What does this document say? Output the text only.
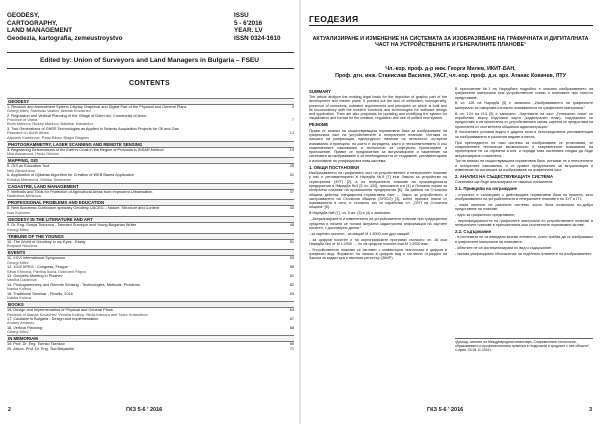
GEODESY,	ISSU
CARTOGRAPHY,	5 - 6'2016
LAND MANAGEMENT	YEAR. LV
Geodezia, kartografia, zemeustroystvo	ISSN 0324-1610
Edited by: Union of Surveyors and Land Managers in Bulgaria – FSEU
CONTENTS
GEODESY
1. Revision and Amendment System Display Graphical and Digital Part of the Physical and General Plans	3
Georgi Milev, Stanislav Vasilev, Atanas Kovachev
2. Regulation and Vertical Planning of the Village of Dobri dol, Community of Aven,
Province of Varna	7
Boris Marinov, Nickey Marinov, Bakhtiar Mazaedov
3. Two Generations of GNSS Technologies as Applied in Seismic Acquisition Projects for Oil and Gas
Research in North Africa	13
Asparuh Kamburov, Petar Bibev, Blagoi Blagoev
PHOTOGRAMMETRY, LASER SCANNING AND REMOTE SENSING
4. Registering Deformations of the Earth's Crust in the Region of Provadia in INSAR Method	19
Mila Atanasova, Hristo Nikolov
MAPPING, GIS
5. GIS as Education Tool	25
Neli Zdravcheva
6. Application of Djikstras Algorithm for Creation of WEB Based Application	31
Kristina Milenkova, Dimitar Simeonov
CADASTRE, LAND MANAGEMENT
7. Methods and Tools for Protection of Agricultural Areas from Imprudent Urbanisation	37
Nadezhda Nenkova
PROFESSIONAL PROBLEMS AND EDUCATION
8. New Academic Curriculum specialty Geodesy UACEG – Nature, Structure and Content	43
Ivan Kunchev
GEODESY IN THE LITERATURE AND ART
9. Dr. Eng. Sonya Todorova - Talented Surveyor and Young Bulgarian Writer	48
Georgi Milev
TRIBUNE OF THE YOUNGS
10. The World of Geodesy in my Eyes - Essay	51
Boryana Nikolova
EVENTS
11. XXVI International Symposium	53
Georgi Milev
12. XXIII SPEG - Congress, Prague	55
Silvia Efimova, Pavlina Ikova, Dobromir Filipov
13. Geodetic Meeting in Plodnev	61
Vasilka Galabova
14. Photogrammetry and Remote Sensing - Technologies, Methods, Problems	62
Ivanka Koleva
15. Traditional Seminar - Plovdiv, 2016	63
Ivanka Koleva
BOOKS
16. Design and Implementation of Physical and General Plans	64
Reviews of Atanas Kovachev, Venelia Koleva, Silvia Ivanova and Todor Kostadinov
17. Cadastre in Bulgaria - Design and Implementation	67
Andrey Andreev
18. Vertical Planning	68
Georgi Milev
IN MEMORIAM
19. Prof. Dr. Eng. Tsenko Tsenkov	69
20. Assoc. Prof. Dr. Eng. Tsvi Belyashkí	71
2	ГКЗ 5-6 ' 2016
ГЕОДЕЗИЯ
АКТУАЛИЗИРАНЕ И ИЗМЕНЕНИЕ НА СИСТЕМАТА ЗА ИЗОБРАЗЯВАНЕ НА ГРАФИЧНАТА И ДИГИТАЛНАТА ЧАСТ НА УСТРОЙСТВЕНИТЕ И ГЕНЕРАЛНИТЕ ПЛАНОВЕ¹
Чл.-кор. проф. д-р инж. Георги Милев, ИКИТ-БАН,
Проф. дтн. инж. Станислав Василев, УАСГ, чл.-кор. проф. д.н. арх. Атанас Ковачев, ЛТУ
SUMMARY
The article analyze the existing legal basis for the depiction of graphic part of the development and master plans. It pointed out the lack of unification, homogeneity, presence of omissions, outdated requirements and principles on which is built and its inconsistency with the modern functions and technologies for software design and application. Then are also proposals for updating and modifying the system for visualization and format for the creation, regulation and use of unified new system.
РЕЗЮМЕ
Прави се анализ на съществуващата нормативна база за изобразяване на графичната част на устройствените и генералните планове. Изтъква се липсата на унификация, еднородност, наличие на непълноти, остарели изисквания и принципи, на които е изградена, както и несъответствието й със съвременните изисквания и технологии за софтуерно проектиране и приложение. Правят се предложения за актуализиране и изменение на системата за изобразяване и за необходимостта от създаване, регламентиране и използване на унифицирана нова система.
1. ОБЩИ ПОСТАНОВКИ
Изобразяването на графичната част на устройствените и генералните планове у нас е регламентирано в Наредба №8 [7] към Закона за устройство на територията (ЗУТ) [2], а на генералните планове на произведенията предприятия в Наредба №4 [5 чл. 120], приложена и в [4] и Основни норми за генерални планове на промишлени предприятия [6]. За района на Столична община действа специфична нормативна част – Закон за устройството и застрояването на Столична община (ЗУЗСО) [3], който прилага някои от изискванията в него, и съгласно тях се изработва т.н. „ОУП на Столична община“ [8].
В Наредба №8 [7], чл. 5 ал. (3) и (4) е записано:
- „Актуализирането и изменението на устройствените планове при традиционни средства и начини се полага актуална кадастрална информация на хартиен носител, с достоверни данни.“
- за хартиен носител - за мащаб М 1:5000 или друг мащаб;
- за цифров носител и на картографските програми съгласно чл. 16 към Наредба №4 от М 1:2000 ..., но на цифров носител към М 1:2000 във;
- Устройствените планове се изготвят с компютърни технологии и цифров и графичен вид. Форматът на записа в цифров вид е съгласно гл.раздел на Закона за кадастъра и имотния регистър (ЗКИР).
В приложение №1 на Наредбата подробно е описано изобразяването на графичните материали към устройствените схеми и плановете при тяхното представяне.
В чл. 126 на Наредба [5] е записано: „Изобразяването на графичните материали се извършва съгласно изискванията на графичните материали.“
В чл. 124 на Н-4 [5] е записано: „Чертежите на част „Генерален план“ се изработват върху подложка карта (кадастрален план), подложката се предоставя и на проектанта от устройствената схема, картата се предоставя на проектанта от съответната общинска администрация.“
В посочените условия видно е дадена ясна и непосредствена регламентация за изобразяването в различни видове и места.
При прегледането на тази система за изобразяване се установява, че съвременните технически възможности и съвременните изисквания на проектиране не са отразени в нея, и поради това системата следва да бъде актуализирана и изменена.
Тук на анализ на съществуващата нормативна база, изтъкват се и непълнотите и остарелите изисквания, и се правят предложения за актуализация и изменение на системата за изобразяване на графичната част.
2. АНАЛИЗ НА СЪЩЕСТВУВАЩАТА СИСТЕМА
Системата ще бъде анализирана по няколко показателя:
2.1. Принципи на изграждане
- строежът е съгласуван с действащата нормативна база на проекта, като изобразяването на устройствените и генералните планове е по ЗУТ и ГП;
- няма налични на различни системи, които биха позволили по-добро представяне на планове;
- едно за графичното представяне;
- неунифицираността на графичните материали по устройствените планове и генералните планове в приложенията към съответните нормативни актове.
2.2. Съдържание
- в системата не са въведени всички елементи, които трябва да се изобразяват в графичните материали на плановете;
- обектите не са систематизирани по вид и съдържание;
- липсва унифицирано обозначение на отделните елементи на изобразяването.
¹Доклад, изнесен на Международния симпозиум „Съвременните технологии, образованието и професионалната практика в геодезията и сродните с нея области“, София, 03-04.11.2016 г.
ГКЗ 5-6 ' 2016	3
